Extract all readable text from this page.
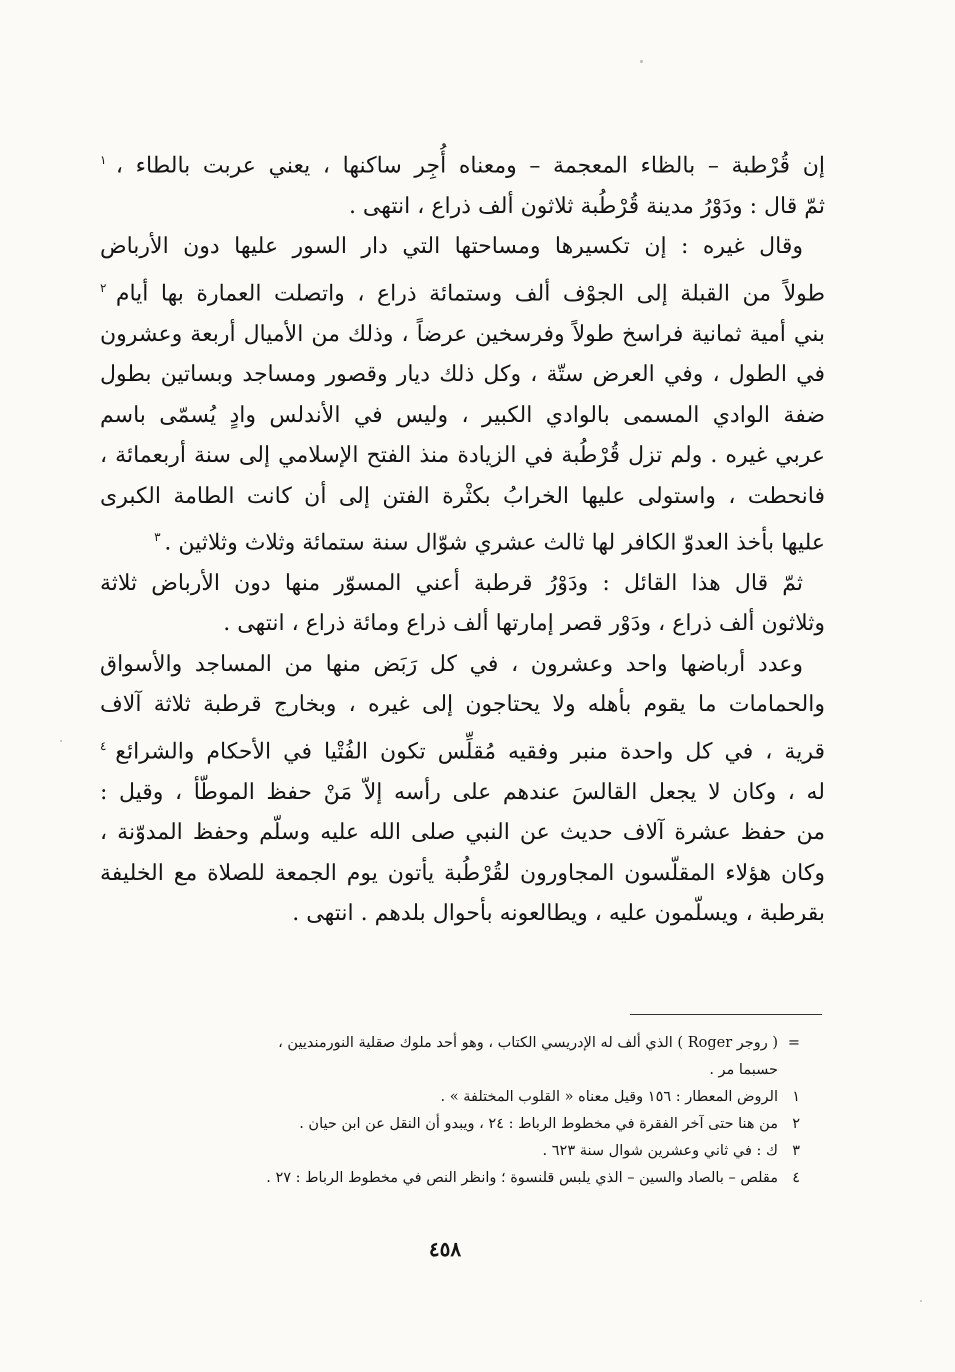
إن قُرْطبة – بالظاء المعجمة – ومعناه أُجِر ساكنها ، يعني عربت بالطاء ، $^١$
ثمّ قال : ودَوْرُ مدينة قُرْطُبة ثلاثون ألف ذراع ، انتهى .
وقال غيره : إن تكسيرها ومساحتها التي دار السور عليها دون الأرباض
طولاً من القبلة إلى الجوْف ألف وستمائة ذراع ، واتصلت العمارة بها أيام $^٢$
بني أمية ثمانية فراسخ طولاً وفرسخين عرضاً ، وذلك من الأميال أربعة وعشرون
في الطول ، وفي العرض ستّة ، وكل ذلك ديار وقصور ومساجد وبساتين بطول
ضفة الوادي المسمى بالوادي الكبير ، وليس في الأندلس وادٍ يُسمّى باسم
عربي غيره . ولم تزل قُرْطُبة في الزيادة منذ الفتح الإسلامي إلى سنة أربعمائة ،
فانحطت ، واستولى عليها الخرابُ بكثْرة الفتن إلى أن كانت الطامة الكبرى
عليها بأخذ العدوّ الكافر لها ثالث عشري شوّال سنة ستمائة وثلاث وثلاثين . $^٣$
ثمّ قال هذا القائل : ودَوْرُ قرطبة أعني المسوّر منها دون الأرباض ثلاثة
وثلاثون ألف ذراع ، ودَوْر قصر إمارتها ألف ذراع ومائة ذراع ، انتهى .
وعدد أرباضها واحد وعشرون ، في كل رَبَض منها من المساجد والأسواق
والحمامات ما يقوم بأهله ولا يحتاجون إلى غيره ، وبخارج قرطبة ثلاثة آلاف
قرية ، في كل واحدة منبر وفقيه مُقلِّس تكون الفُتْيا في الأحكام والشرائع $^٤$
له ، وكان لا يجعل القالسَ عندهم على رأسه إلاّ مَنْ حفظ الموطّأ ، وقيل :
من حفظ عشرة آلاف حديث عن النبي صلى الله عليه وسلّم وحفظ المدوّنة ،
وكان هؤلاء المقلّسون المجاورون لقُرْطُبة يأتون يوم الجمعة للصلاة مع الخليفة
بقرطبة ، ويسلّمون عليه ، ويطالعونه بأحوال بلدهم . انتهى .
=
( روجر Roger ) الذي ألف له الإدريسي الكتاب ، وهو أحد ملوك صقلية النورمنديين ،
حسبما مر .
١
الروض المعطار : ١٥٦ وقيل معناه « القلوب المختلفة » .
٢
من هنا حتى آخر الفقرة في مخطوط الرباط : ٢٤ ، ويبدو أن النقل عن ابن حيان .
٣
ك : في ثاني وعشرين شوال سنة ٦٢٣ .
٤
مقلص – بالصاد والسين – الذي يلبس قلنسوة ؛ وانظر النص في مخطوط الرباط : ٢٧ .
٤٥٨
